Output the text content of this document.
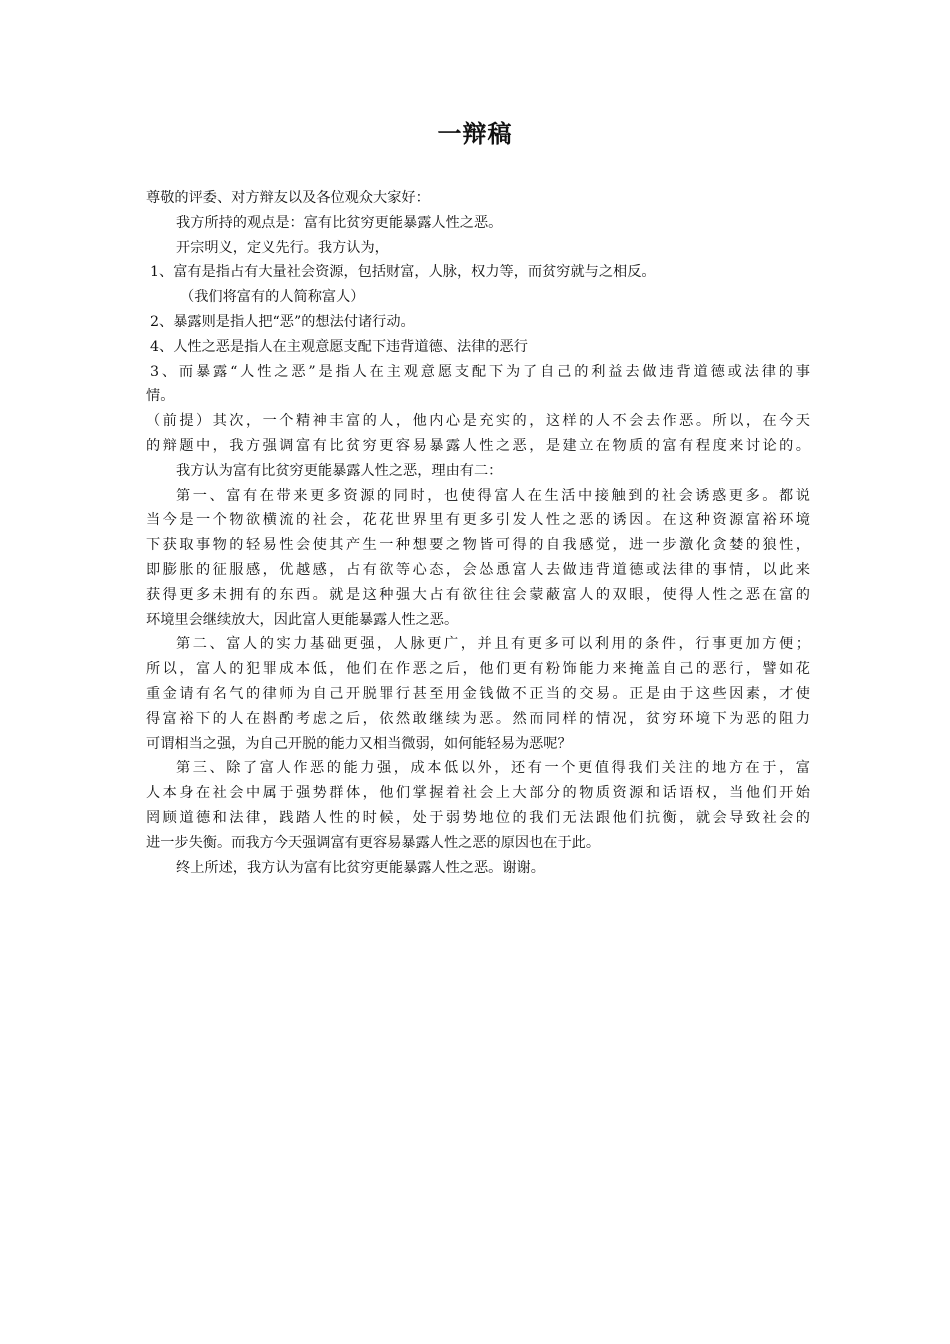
一辩稿
尊敬的评委、对方辩友以及各位观众大家好：
我方所持的观点是：富有比贫穷更能暴露人性之恶。
开宗明义，定义先行。我方认为，
1、富有是指占有大量社会资源，包括财富，人脉，权力等，而贫穷就与之相反。
（我们将富有的人简称富人）
2、暴露则是指人把“恶”的想法付诸行动。
4、人性之恶是指人在主观意愿支配下违背道德、法律的恶行
3、而暴露“人性之恶”是指人在主观意愿支配下为了自己的利益去做违背道德或法律的事
情。
（前提）其次，一个精神丰富的人，他内心是充实的，这样的人不会去作恶。所以，在今天
的辩题中，我方强调富有比贫穷更容易暴露人性之恶，是建立在物质的富有程度来讨论的。
我方认为富有比贫穷更能暴露人性之恶，理由有二：
第一、富有在带来更多资源的同时，也使得富人在生活中接触到的社会诱惑更多。都说
当今是一个物欲横流的社会，花花世界里有更多引发人性之恶的诱因。在这种资源富裕环境
下获取事物的轻易性会使其产生一种想要之物皆可得的自我感觉，进一步激化贪婪的狼性，
即膨胀的征服感，优越感，占有欲等心态，会怂恿富人去做违背道德或法律的事情，以此来
获得更多未拥有的东西。就是这种强大占有欲往往会蒙蔽富人的双眼，使得人性之恶在富的
环境里会继续放大，因此富人更能暴露人性之恶。
第二、富人的实力基础更强，人脉更广，并且有更多可以利用的条件，行事更加方便；
所以，富人的犯罪成本低，他们在作恶之后，他们更有粉饰能力来掩盖自己的恶行，譬如花
重金请有名气的律师为自己开脱罪行甚至用金钱做不正当的交易。正是由于这些因素，才使
得富裕下的人在斟酌考虑之后，依然敢继续为恶。然而同样的情况，贫穷环境下为恶的阻力
可谓相当之强，为自己开脱的能力又相当微弱，如何能轻易为恶呢？
第三、除了富人作恶的能力强，成本低以外，还有一个更值得我们关注的地方在于，富
人本身在社会中属于强势群体，他们掌握着社会上大部分的物质资源和话语权，当他们开始
罔顾道德和法律，践踏人性的时候，处于弱势地位的我们无法跟他们抗衡，就会导致社会的
进一步失衡。而我方今天强调富有更容易暴露人性之恶的原因也在于此。
终上所述，我方认为富有比贫穷更能暴露人性之恶。谢谢。
